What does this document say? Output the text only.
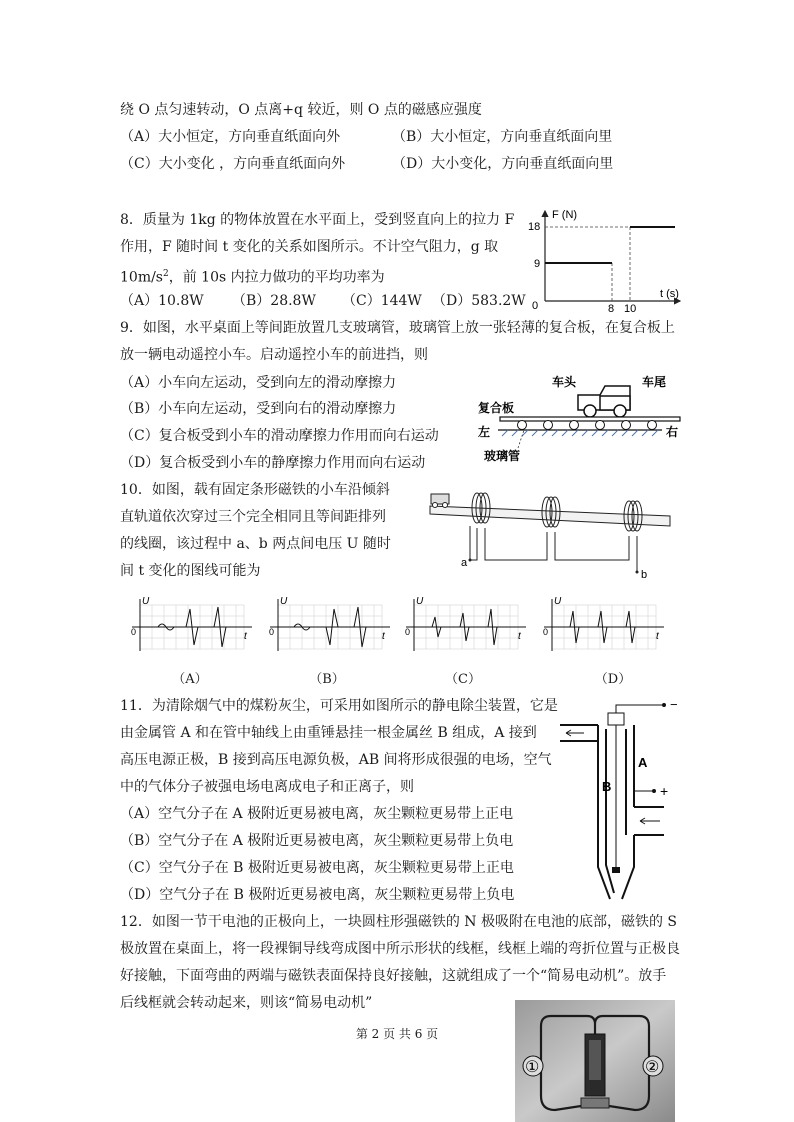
绕 O 点匀速转动，O 点离+q 较近，则 O 点的磁感应强度
（A）大小恒定，方向垂直纸面向外	（B）大小恒定，方向垂直纸面向里
（C）大小变化 ，方向垂直纸面向外	（D）大小变化，方向垂直纸面向里
8．质量为 1kg 的物体放置在水平面上，受到竖直向上的拉力 F
作用，F 随时间 t 变化的关系如图所示。不计空气阻力，g 取
$10m/s^2$，前 10s 内拉力做功的平均功率为
（A）10.8W （B）28.8W （C）144W （D）583.2W
F (N)
t (s)
18
9
0	8 10
9．如图，水平桌面上等间距放置几支玻璃管，玻璃管上放一张轻薄的复合板，在复合板上
放一辆电动遥控小车。启动遥控小车的前进挡，则
（A）小车向左运动，受到向左的滑动摩擦力
（B）小车向左运动，受到向右的滑动摩擦力
（C）复合板受到小车的滑动摩擦力作用而向右运动
（D）复合板受到小车的静摩擦力作用而向右运动
车头	车尾
复合板
左	右
玻璃管
10．如图，载有固定条形磁铁的小车沿倾斜
直轨道依次穿过三个完全相同且等间距排列
的线圈，该过程中 a、b 两点间电压 U 随时
间 t 变化的图线可能为	a
b
U
t
0
U
t
0
U
t
0
U
t
0
（A）	（B）	（C）	（D）
11．为清除烟气中的煤粉灰尘，可采用如图所示的静电除尘装置，它是
由金属管 A 和在管中轴线上由重锤悬挂一根金属丝 B 组成，A 接到
高压电源正极，B 接到高压电源负极，AB 间将形成很强的电场，空气
中的气体分子被强电场电离成电子和正离子，则
（A）空气分子在 A 极附近更易被电离，灰尘颗粒更易带上正电
（B）空气分子在 A 极附近更易被电离，灰尘颗粒更易带上负电
（C）空气分子在 B 极附近更易被电离，灰尘颗粒更易带上正电
（D）空气分子在 B 极附近更易被电离，灰尘颗粒更易带上负电
−
B
A
+
12．如图一节干电池的正极向上，一块圆柱形强磁铁的 N 极吸附在电池的底部，磁铁的 S
极放置在桌面上，将一段裸铜导线弯成图中所示形状的线框，线框上端的弯折位置与正极良
好接触，下面弯曲的两端与磁铁表面保持良好接触，这就组成了一个“简易电动机”。放手
后线框就会转动起来，则该“简易电动机”
①	②
第 2 页 共 6 页
